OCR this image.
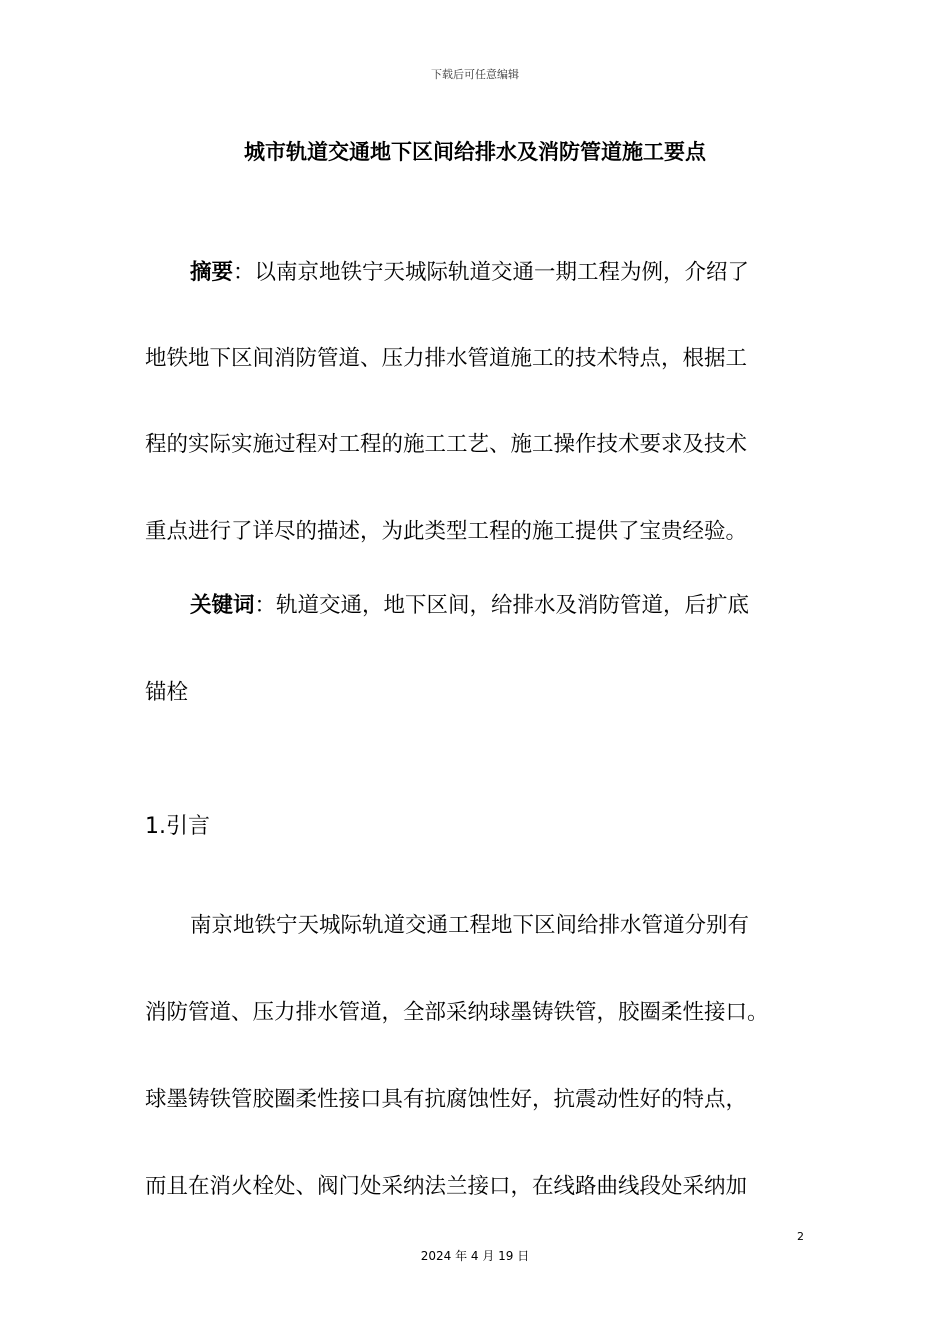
下载后可任意编辑
城市轨道交通地下区间给排水及消防管道施工要点
摘要：以南京地铁宁天城际轨道交通一期工程为例，介绍了
地铁地下区间消防管道、压力排水管道施工的技术特点，根据工
程的实际实施过程对工程的施工工艺、施工操作技术要求及技术
重点进行了详尽的描述，为此类型工程的施工提供了宝贵经验。
关键词：轨道交通，地下区间，给排水及消防管道，后扩底
锚栓
1.引言
南京地铁宁天城际轨道交通工程地下区间给排水管道分别有
消防管道、压力排水管道，全部采纳球墨铸铁管，胶圈柔性接口。
球墨铸铁管胶圈柔性接口具有抗腐蚀性好，抗震动性好的特点，
而且在消火栓处、阀门处采纳法兰接口，在线路曲线段处采纳加
2
2024 年 4 月 19 日
